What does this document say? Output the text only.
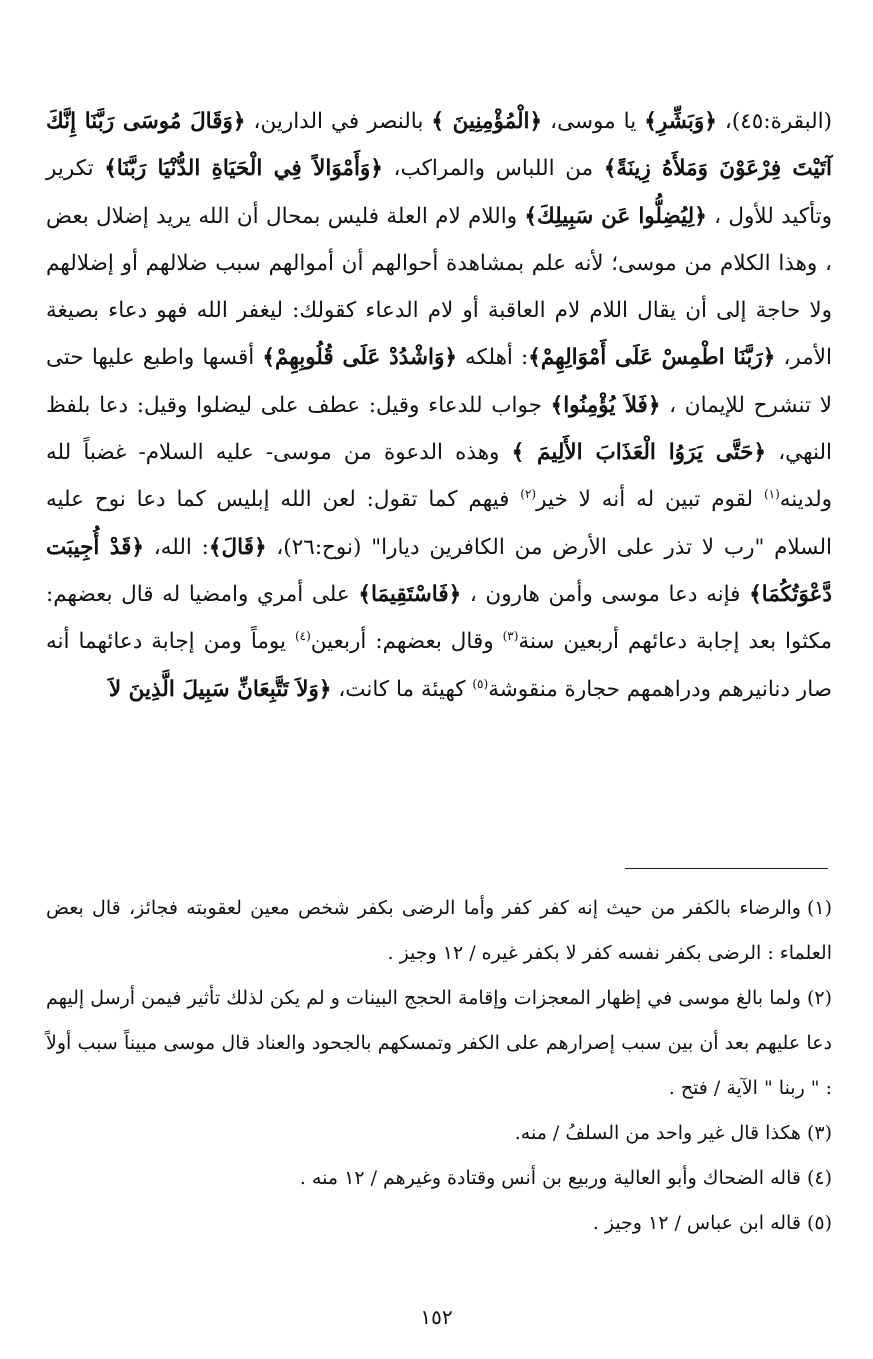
(البقرة:٤٥)، ﴿وَبَشِّرِ﴾ يا موسى، ﴿الْمُؤْمِنِينَ ﴾ بالنصر في الدارين، ﴿وَقَالَ مُوسَى رَبَّنَا إِنَّكَ آتَيْتَ فِرْعَوْنَ وَمَلأَهُ زِينَةً﴾ من اللباس والمراكب، ﴿وَأَمْوَالاً فِي الْحَيَاةِ الدُّنْيَا رَبَّنَا﴾ تكرير وتأكيد للأول ، ﴿لِيُضِلُّوا عَن سَبِيلِكَ﴾ واللام لام العلة فليس بمحال أن الله يريد إضلال بعض ، وهذا الكلام من موسى؛ لأنه علم بمشاهدة أحوالهم أن أموالهم سبب ضلالهم أو إضلالهم ولا حاجة إلى أن يقال اللام لام العاقبة أو لام الدعاء كقولك: ليغفر الله فهو دعاء بصيغة الأمر، ﴿رَبَّنَا اطْمِسْ عَلَى أَمْوَالِهِمْ﴾: أهلكه ﴿وَاشْدُدْ عَلَى قُلُوبِهِمْ﴾ أقسها واطبع عليها حتى لا تنشرح للإيمان ، ﴿فَلاَ يُؤْمِنُوا﴾ جواب للدعاء وقيل: عطف على ليضلوا وقيل: دعا بلفظ النهي، ﴿حَتَّى يَرَوُا الْعَذَابَ الأَلِيمَ ﴾ وهذه الدعوة من موسى- عليه السلام- غضباً لله ولدينه$^{(١)}$ لقوم تبين له أنه لا خير$^{(٢)}$ فيهم كما تقول: لعن الله إبليس كما دعا نوح عليه السلام "رب لا تذر على الأرض من الكافرين ديارا" (نوح:٢٦)، ﴿قَالَ﴾: الله، ﴿قَدْ أُجِيبَت دَّعْوَتُكُمَا﴾ فإنه دعا موسى وأمن هارون ، ﴿فَاسْتَقِيمَا﴾ على أمري وامضيا له قال بعضهم: مكثوا بعد إجابة دعائهم أربعين سنة$^{(٣)}$ وقال بعضهم: أربعين$^{(٤)}$ يوماً ومن إجابة دعائهما أنه صار دنانيرهم ودراهمهم حجارة منقوشة$^{(٥)}$ كهيئة ما كانت، ﴿وَلاَ تَتَّبِعَانِّ سَبِيلَ الَّذِينَ لاَ

(١)والرضاء بالكفر من حيث إنه كفر كفر وأما الرضى بكفر شخص معين لعقوبته فجائز، قال بعض العلماء : الرضى بكفر نفسه كفر لا بكفر غيره / ١٢ وجيز .
(٢)ولما بالغ موسى في إظهار المعجزات وإقامة الحجج البينات و لم يكن لذلك تأثير فيمن أرسل إليهم دعا عليهم بعد أن بين سبب إصرارهم على الكفر وتمسكهم بالجحود والعناد قال موسى مبيناً سبب أولاً : " ربنا " الآية / فتح .
(٣)هكذا قال غير واحد من السلفُ / منه.
(٤)قاله الضحاك وأبو العالية وربيع بن أنس وقتادة وغيرهم / ١٢ منه .
(٥)قاله ابن عباس / ١٢ وجيز .
١٥٢
